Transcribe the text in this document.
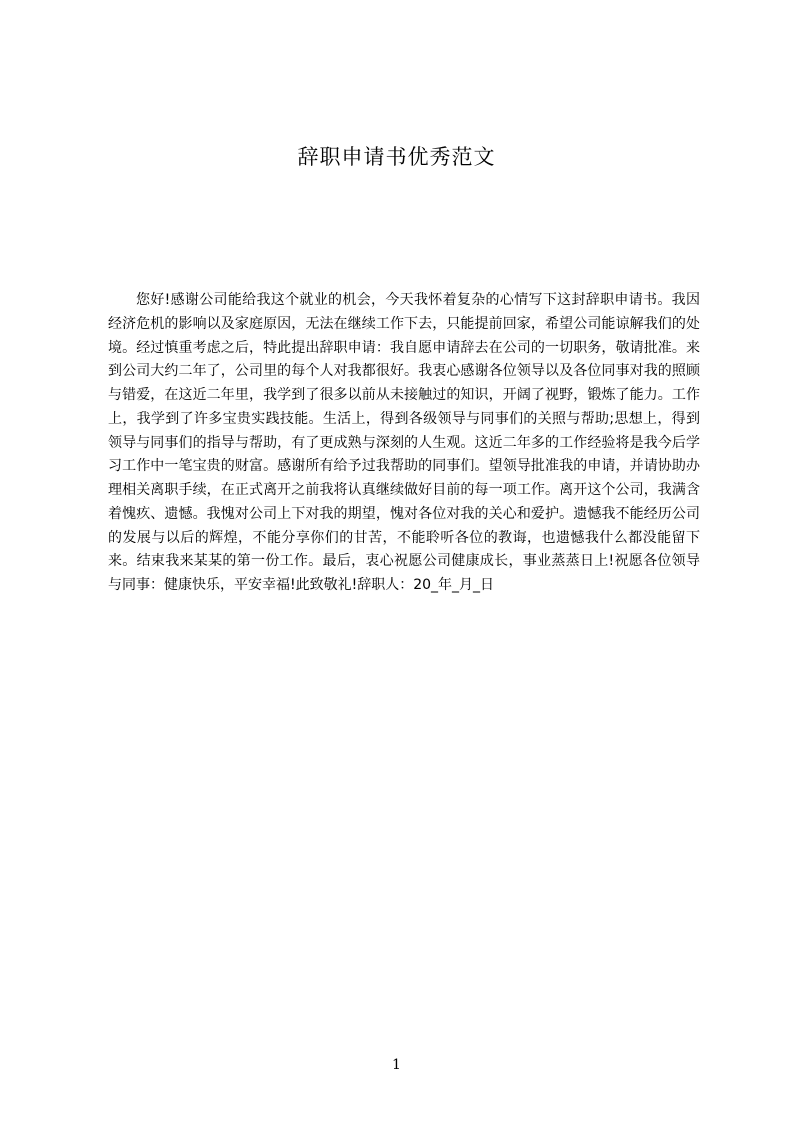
辞职申请书优秀范文

您好!感谢公司能给我这个就业的机会，今天我怀着复杂的心情写下这封辞职申请书。我因经济危机的影响以及家庭原因，无法在继续工作下去，只能提前回家，希望公司能谅解我们的处境。经过慎重考虑之后，特此提出辞职申请：我自愿申请辞去在公司的一切职务，敬请批准。来到公司大约二年了，公司里的每个人对我都很好。我衷心感谢各位领导以及各位同事对我的照顾与错爱，在这近二年里，我学到了很多以前从未接触过的知识，开阔了视野，锻炼了能力。工作上，我学到了许多宝贵实践技能。生活上，得到各级领导与同事们的关照与帮助;思想上，得到领导与同事们的指导与帮助，有了更成熟与深刻的人生观。这近二年多的工作经验将是我今后学习工作中一笔宝贵的财富。感谢所有给予过我帮助的同事们。望领导批准我的申请，并请协助办理相关离职手续，在正式离开之前我将认真继续做好目前的每一项工作。离开这个公司，我满含着愧疚、遗憾。我愧对公司上下对我的期望，愧对各位对我的关心和爱护。遗憾我不能经历公司的发展与以后的辉煌，不能分享你们的甘苦，不能聆听各位的教诲，也遗憾我什么都没能留下来。结束我来某某的第一份工作。最后，衷心祝愿公司健康成长，事业蒸蒸日上!祝愿各位领导与同事：健康快乐，平安幸福!此致敬礼!辞职人：20_年_月_日

1
